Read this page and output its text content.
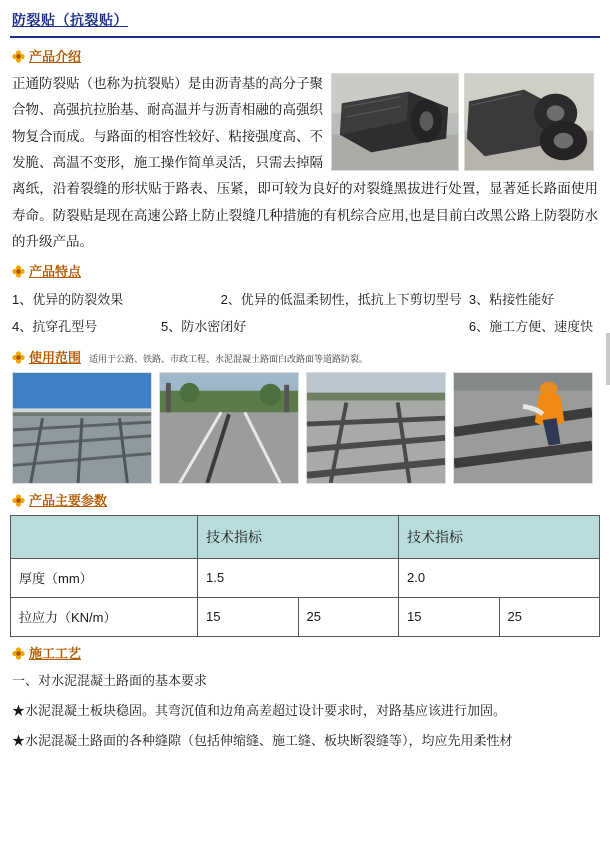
防裂贴（抗裂贴）
产品介绍
正通防裂贴（也称为抗裂贴）是由沥青基的高分子聚合物、高强抗拉胎基、耐高温并与沥青相融的高强织物复合而成。与路面的相容性较好、粘接强度高、不发脆、高温不变形，施工操作简单灵活，只需去掉隔离纸，沿着裂缝的形状贴于路表、压紧，即可较为良好的对裂缝黑拔进行处置，显著延长路面使用寿命。防裂贴是现在高速公路上防止裂缝几种措施的有机综合应用,也是目前白改黑公路上防裂防水的升级产品。
产品特点
1、优异的防裂效果	2、优异的低温柔韧性，抵抗上下剪切型号 3、粘接性能好
4、抗穿孔型号	5、防水密闭好	6、施工方便、速度快
使用范围 适用于公路、铁路、市政工程、水泥混凝土路面白改路面等道路防裂。
产品主要参数
	技术指标		技术指标	
厚度（mm）	1.5		2.0	
拉应力（KN/m）	15	25	15	25
施工工艺

一、对水泥混凝土路面的基本要求

★水泥混凝土板块稳固。其弯沉值和边角高差超过设计要求时，对路基应该进行加固。

★水泥混凝土路面的各种缝隙（包括伸缩缝、施工缝、板块断裂缝等），均应先用柔性材
